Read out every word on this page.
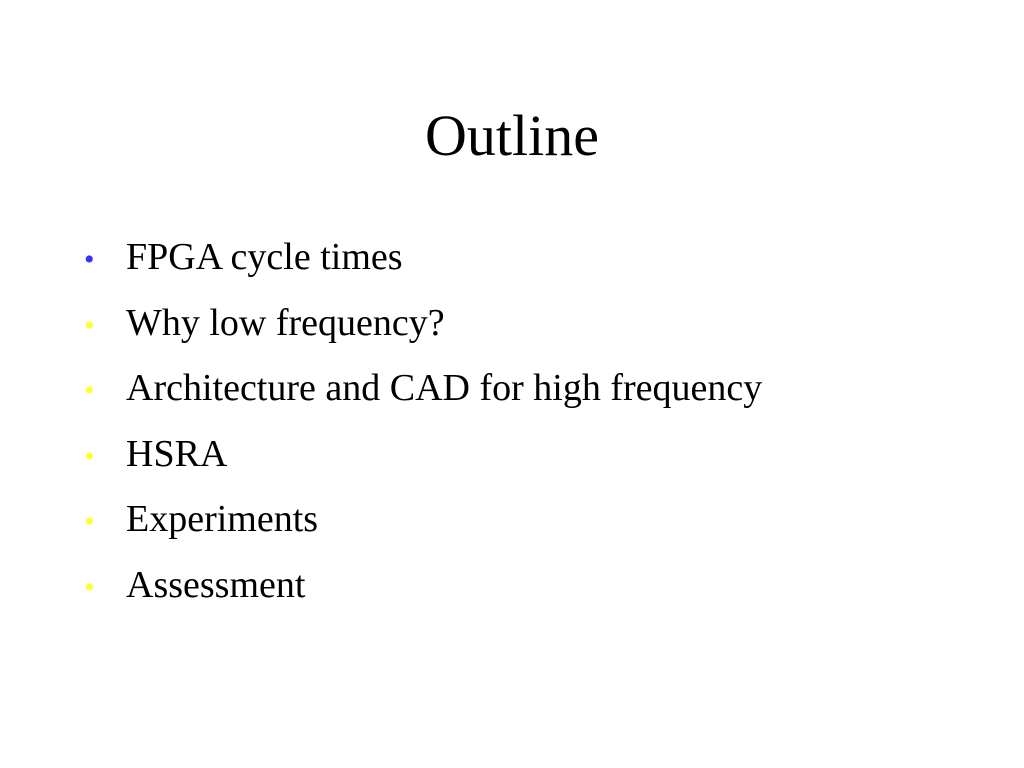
Outline
• FPGA cycle times
• Why low frequency?
• Architecture and CAD for high frequency
• HSRA
• Experiments
• Assessment
